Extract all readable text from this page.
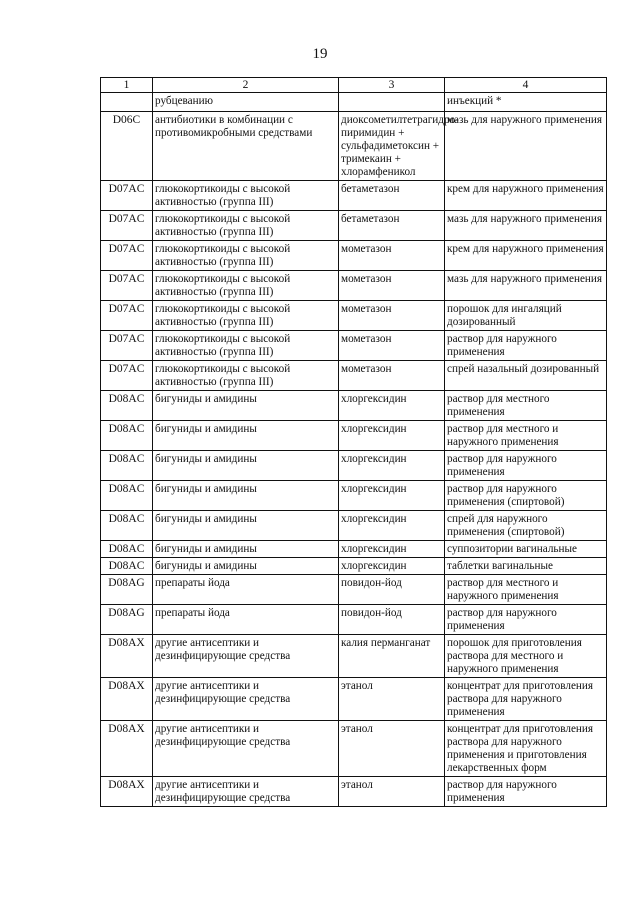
19
1	2	3	4
	рубцеванию		инъекций *
D06C	антибиотики в комбинации с противомикробными средствами	диоксометилтетрагидро-пиримидин + сульфадиметоксин + тримекаин + хлорамфеникол	мазь для наружного применения
D07AC	глюкокортикоиды с высокой активностью (группа III)	бетаметазон	крем для наружного применения
D07AC	глюкокортикоиды с высокой активностью (группа III)	бетаметазон	мазь для наружного применения
D07AC	глюкокортикоиды с высокой активностью (группа III)	мометазон	крем для наружного применения
D07AC	глюкокортикоиды с высокой активностью (группа III)	мометазон	мазь для наружного применения
D07AC	глюкокортикоиды с высокой активностью (группа III)	мометазон	порошок для ингаляций дозированный
D07AC	глюкокортикоиды с высокой активностью (группа III)	мометазон	раствор для наружного применения
D07AC	глюкокортикоиды с высокой активностью (группа III)	мометазон	спрей назальный дозированный
D08AC	бигуниды и амидины	хлоргексидин	раствор для местного применения
D08AC	бигуниды и амидины	хлоргексидин	раствор для местного и наружного применения
D08AC	бигуниды и амидины	хлоргексидин	раствор для наружного применения
D08AC	бигуниды и амидины	хлоргексидин	раствор для наружного применения (спиртовой)
D08AC	бигуниды и амидины	хлоргексидин	спрей для наружного применения (спиртовой)
D08AC	бигуниды и амидины	хлоргексидин	суппозитории вагинальные
D08AC	бигуниды и амидины	хлоргексидин	таблетки вагинальные
D08AG	препараты йода	повидон-йод	раствор для местного и наружного применения
D08AG	препараты йода	повидон-йод	раствор для наружного применения
D08AX	другие антисептики и дезинфицирующие средства	калия перманганат	порошок для приготовления раствора для местного и наружного применения
D08AX	другие антисептики и дезинфицирующие средства	этанол	концентрат для приготовления раствора для наружного применения
D08AX	другие антисептики и дезинфицирующие средства	этанол	концентрат для приготовления раствора для наружного применения и приготовления лекарственных форм
D08AX	другие антисептики и дезинфицирующие средства	этанол	раствор для наружного применения
